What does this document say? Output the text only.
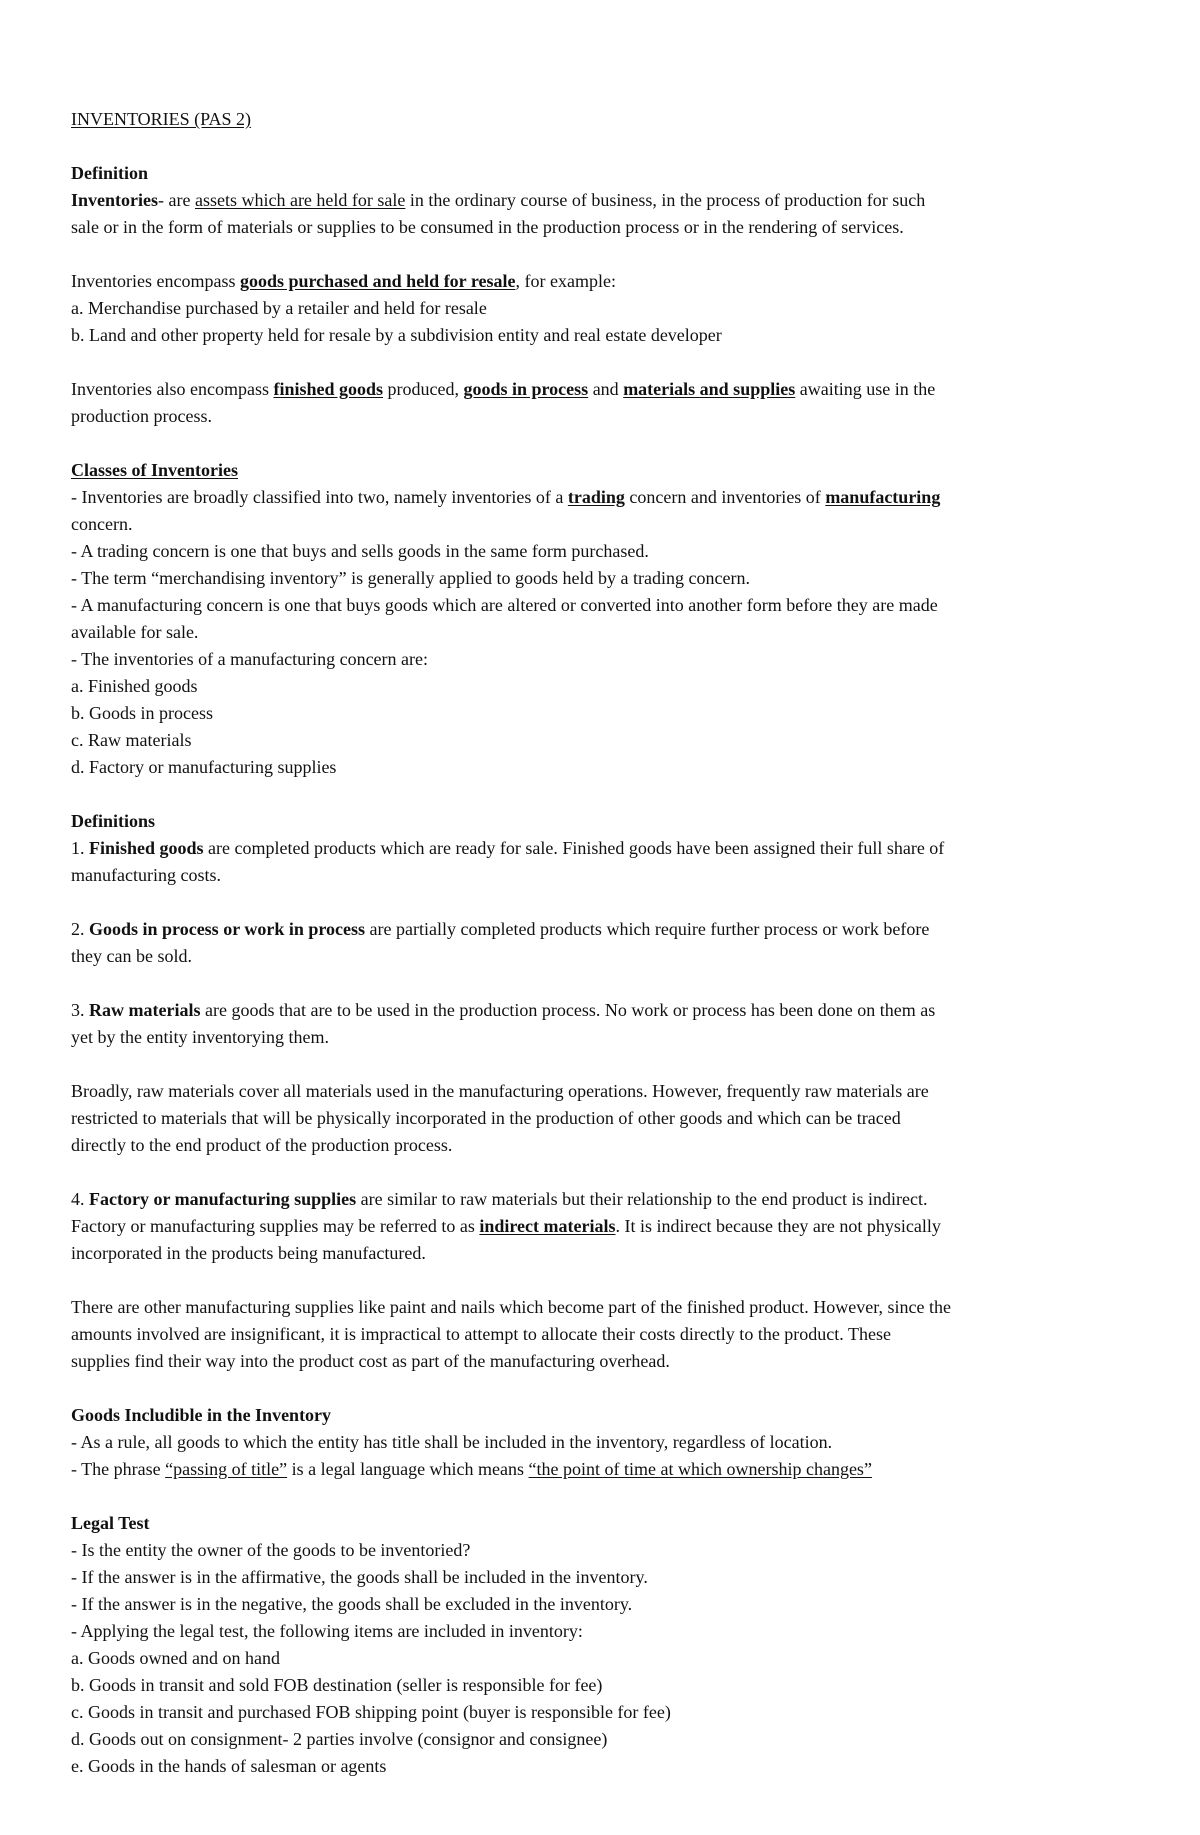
INVENTORIES (PAS 2)
Definition
Inventories- are assets which are held for sale in the ordinary course of business, in the process of production for such
sale or in the form of materials or supplies to be consumed in the production process or in the rendering of services.
Inventories encompass goods purchased and held for resale, for example:
a. Merchandise purchased by a retailer and held for resale
b. Land and other property held for resale by a subdivision entity and real estate developer
Inventories also encompass finished goods produced, goods in process and materials and supplies awaiting use in the
production process.
Classes of Inventories
- Inventories are broadly classified into two, namely inventories of a trading concern and inventories of manufacturing
concern.
- A trading concern is one that buys and sells goods in the same form purchased.
- The term “merchandising inventory” is generally applied to goods held by a trading concern.
- A manufacturing concern is one that buys goods which are altered or converted into another form before they are made
available for sale.
- The inventories of a manufacturing concern are:
a. Finished goods
b. Goods in process
c. Raw materials
d. Factory or manufacturing supplies
Definitions
1. Finished goods are completed products which are ready for sale. Finished goods have been assigned their full share of
manufacturing costs.
2. Goods in process or work in process are partially completed products which require further process or work before
they can be sold.
3. Raw materials are goods that are to be used in the production process. No work or process has been done on them as
yet by the entity inventorying them.
Broadly, raw materials cover all materials used in the manufacturing operations. However, frequently raw materials are
restricted to materials that will be physically incorporated in the production of other goods and which can be traced
directly to the end product of the production process.
4. Factory or manufacturing supplies are similar to raw materials but their relationship to the end product is indirect.
Factory or manufacturing supplies may be referred to as indirect materials. It is indirect because they are not physically
incorporated in the products being manufactured.
There are other manufacturing supplies like paint and nails which become part of the finished product. However, since the
amounts involved are insignificant, it is impractical to attempt to allocate their costs directly to the product. These
supplies find their way into the product cost as part of the manufacturing overhead.
Goods Includible in the Inventory
- As a rule, all goods to which the entity has title shall be included in the inventory, regardless of location.
- The phrase “passing of title” is a legal language which means “the point of time at which ownership changes”
Legal Test
- Is the entity the owner of the goods to be inventoried?
- If the answer is in the affirmative, the goods shall be included in the inventory.
- If the answer is in the negative, the goods shall be excluded in the inventory.
- Applying the legal test, the following items are included in inventory:
a. Goods owned and on hand
b. Goods in transit and sold FOB destination (seller is responsible for fee)
c. Goods in transit and purchased FOB shipping point (buyer is responsible for fee)
d. Goods out on consignment- 2 parties involve (consignor and consignee)
e. Goods in the hands of salesman or agents
